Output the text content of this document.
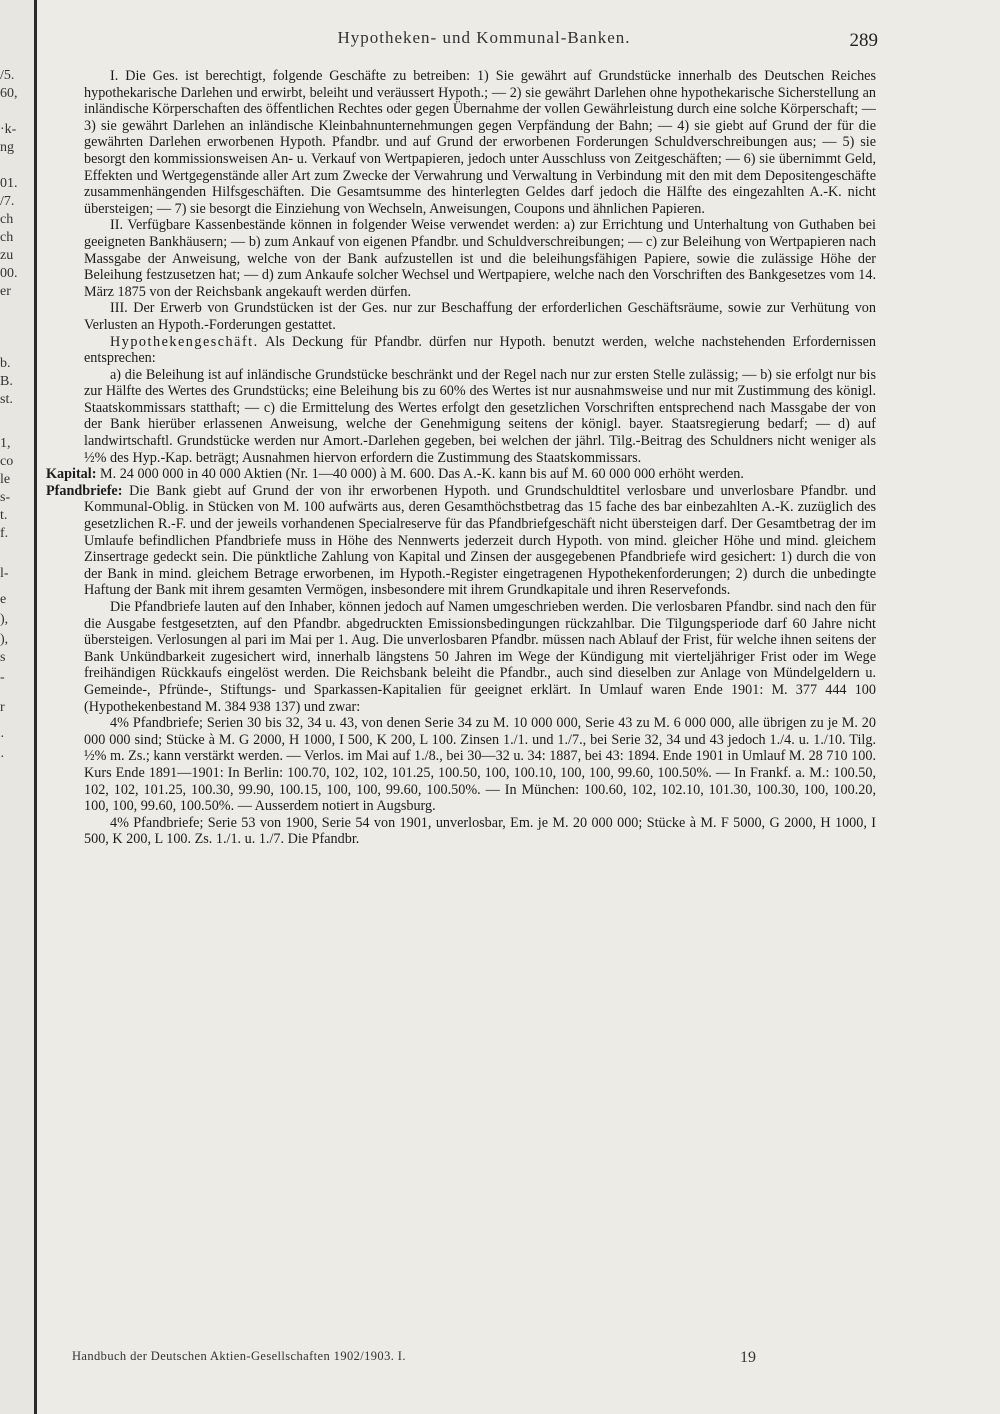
/5.
60,
·k-
ng
01.
/7.
ch
ch
zu
00.
er
b.
B.
st.
1,
co
le
s-
t.
f.
l-
e
),
),
s
-
r
·
·
Hypotheken- und Kommunal-Banken.	289

I. Die Ges. ist berechtigt, folgende Geschäfte zu betreiben: 1) Sie gewährt auf Grundstücke innerhalb des Deutschen Reiches hypothekarische Darlehen und erwirbt, beleiht und veräussert Hypoth.; — 2) sie gewährt Darlehen ohne hypothekarische Sicherstellung an inländische Körperschaften des öffentlichen Rechtes oder gegen Übernahme der vollen Gewährleistung durch eine solche Körperschaft; — 3) sie gewährt Darlehen an inländische Kleinbahnunternehmungen gegen Verpfändung der Bahn; — 4) sie giebt auf Grund der für die gewährten Darlehen erworbenen Hypoth. Pfandbr. und auf Grund der erworbenen Forderungen Schuldverschreibungen aus; — 5) sie besorgt den kommissionsweisen An- u. Verkauf von Wertpapieren, jedoch unter Ausschluss von Zeitgeschäften; — 6) sie übernimmt Geld, Effekten und Wertgegenstände aller Art zum Zwecke der Verwahrung und Verwaltung in Verbindung mit den mit dem Depositengeschäfte zusammenhängenden Hilfsgeschäften. Die Gesamtsumme des hinterlegten Geldes darf jedoch die Hälfte des eingezahlten A.-K. nicht übersteigen; — 7) sie besorgt die Einziehung von Wechseln, Anweisungen, Coupons und ähnlichen Papieren.

II. Verfügbare Kassenbestände können in folgender Weise verwendet werden: a) zur Errichtung und Unterhaltung von Guthaben bei geeigneten Bankhäusern; — b) zum Ankauf von eigenen Pfandbr. und Schuldverschreibungen; — c) zur Beleihung von Wertpapieren nach Massgabe der Anweisung, welche von der Bank aufzustellen ist und die beleihungsfähigen Papiere, sowie die zulässige Höhe der Beleihung festzusetzen hat; — d) zum Ankaufe solcher Wechsel und Wertpapiere, welche nach den Vorschriften des Bankgesetzes vom 14. März 1875 von der Reichsbank angekauft werden dürfen.

III. Der Erwerb von Grundstücken ist der Ges. nur zur Beschaffung der erforderlichen Geschäftsräume, sowie zur Verhütung von Verlusten an Hypoth.-Forderungen gestattet.

Hypothekengeschäft. Als Deckung für Pfandbr. dürfen nur Hypoth. benutzt werden, welche nachstehenden Erfordernissen entsprechen:

a) die Beleihung ist auf inländische Grundstücke beschränkt und der Regel nach nur zur ersten Stelle zulässig; — b) sie erfolgt nur bis zur Hälfte des Wertes des Grundstücks; eine Beleihung bis zu 60% des Wertes ist nur ausnahmsweise und nur mit Zustimmung des königl. Staatskommissars statthaft; — c) die Ermittelung des Wertes erfolgt den gesetzlichen Vorschriften entsprechend nach Massgabe der von der Bank hierüber erlassenen Anweisung, welche der Genehmigung seitens der königl. bayer. Staatsregierung bedarf; — d) auf landwirtschaftl. Grundstücke werden nur Amort.-Darlehen gegeben, bei welchen der jährl. Tilg.-Beitrag des Schuldners nicht weniger als ½% des Hyp.-Kap. beträgt; Ausnahmen hiervon erfordern die Zustimmung des Staatskommissars.

Kapital: M. 24 000 000 in 40 000 Aktien (Nr. 1—40 000) à M. 600. Das A.-K. kann bis auf M. 60 000 000 erhöht werden.

Pfandbriefe: Die Bank giebt auf Grund der von ihr erworbenen Hypoth. und Grundschuldtitel verlosbare und unverlosbare Pfandbr. und Kommunal-Oblig. in Stücken von M. 100 aufwärts aus, deren Gesamthöchstbetrag das 15 fache des bar einbezahlten A.-K. zuzüglich des gesetzlichen R.-F. und der jeweils vorhandenen Specialreserve für das Pfandbriefgeschäft nicht übersteigen darf. Der Gesamtbetrag der im Umlaufe befindlichen Pfandbriefe muss in Höhe des Nennwerts jederzeit durch Hypoth. von mind. gleicher Höhe und mind. gleichem Zinsertrage gedeckt sein. Die pünktliche Zahlung von Kapital und Zinsen der ausgegebenen Pfandbriefe wird gesichert: 1) durch die von der Bank in mind. gleichem Betrage erworbenen, im Hypoth.-Register eingetragenen Hypothekenforderungen; 2) durch die unbedingte Haftung der Bank mit ihrem gesamten Vermögen, insbesondere mit ihrem Grundkapitale und ihren Reservefonds.

Die Pfandbriefe lauten auf den Inhaber, können jedoch auf Namen umgeschrieben werden. Die verlosbaren Pfandbr. sind nach den für die Ausgabe festgesetzten, auf den Pfandbr. abgedruckten Emissionsbedingungen rückzahlbar. Die Tilgungsperiode darf 60 Jahre nicht übersteigen. Verlosungen al pari im Mai per 1. Aug. Die unverlosbaren Pfandbr. müssen nach Ablauf der Frist, für welche ihnen seitens der Bank Unkündbarkeit zugesichert wird, innerhalb längstens 50 Jahren im Wege der Kündigung mit vierteljähriger Frist oder im Wege freihändigen Rückkaufs eingelöst werden. Die Reichsbank beleiht die Pfandbr., auch sind dieselben zur Anlage von Mündelgeldern u. Gemeinde-, Pfründe-, Stiftungs- und Sparkassen-Kapitalien für geeignet erklärt. In Umlauf waren Ende 1901: M. 377 444 100 (Hypothekenbestand M. 384 938 137) und zwar:

4% Pfandbriefe; Serien 30 bis 32, 34 u. 43, von denen Serie 34 zu M. 10 000 000, Serie 43 zu M. 6 000 000, alle übrigen zu je M. 20 000 000 sind; Stücke à M. G 2000, H 1000, I 500, K 200, L 100. Zinsen 1./1. und 1./7., bei Serie 32, 34 und 43 jedoch 1./4. u. 1./10. Tilg. ½% m. Zs.; kann verstärkt werden. — Verlos. im Mai auf 1./8., bei 30—32 u. 34: 1887, bei 43: 1894. Ende 1901 in Umlauf M. 28 710 100. Kurs Ende 1891—1901: In Berlin: 100.70, 102, 102, 101.25, 100.50, 100, 100.10, 100, 100, 99.60, 100.50%. — In Frankf. a. M.: 100.50, 102, 102, 101.25, 100.30, 99.90, 100.15, 100, 100, 99.60, 100.50%. — In München: 100.60, 102, 102.10, 101.30, 100.30, 100, 100.20, 100, 100, 99.60, 100.50%. — Ausserdem notiert in Augsburg.

4% Pfandbriefe; Serie 53 von 1900, Serie 54 von 1901, unverlosbar, Em. je M. 20 000 000; Stücke à M. F 5000, G 2000, H 1000, I 500, K 200, L 100. Zs. 1./1. u. 1./7. Die Pfandbr.

Handbuch der Deutschen Aktien-Gesellschaften 1902/1903. I.	19
